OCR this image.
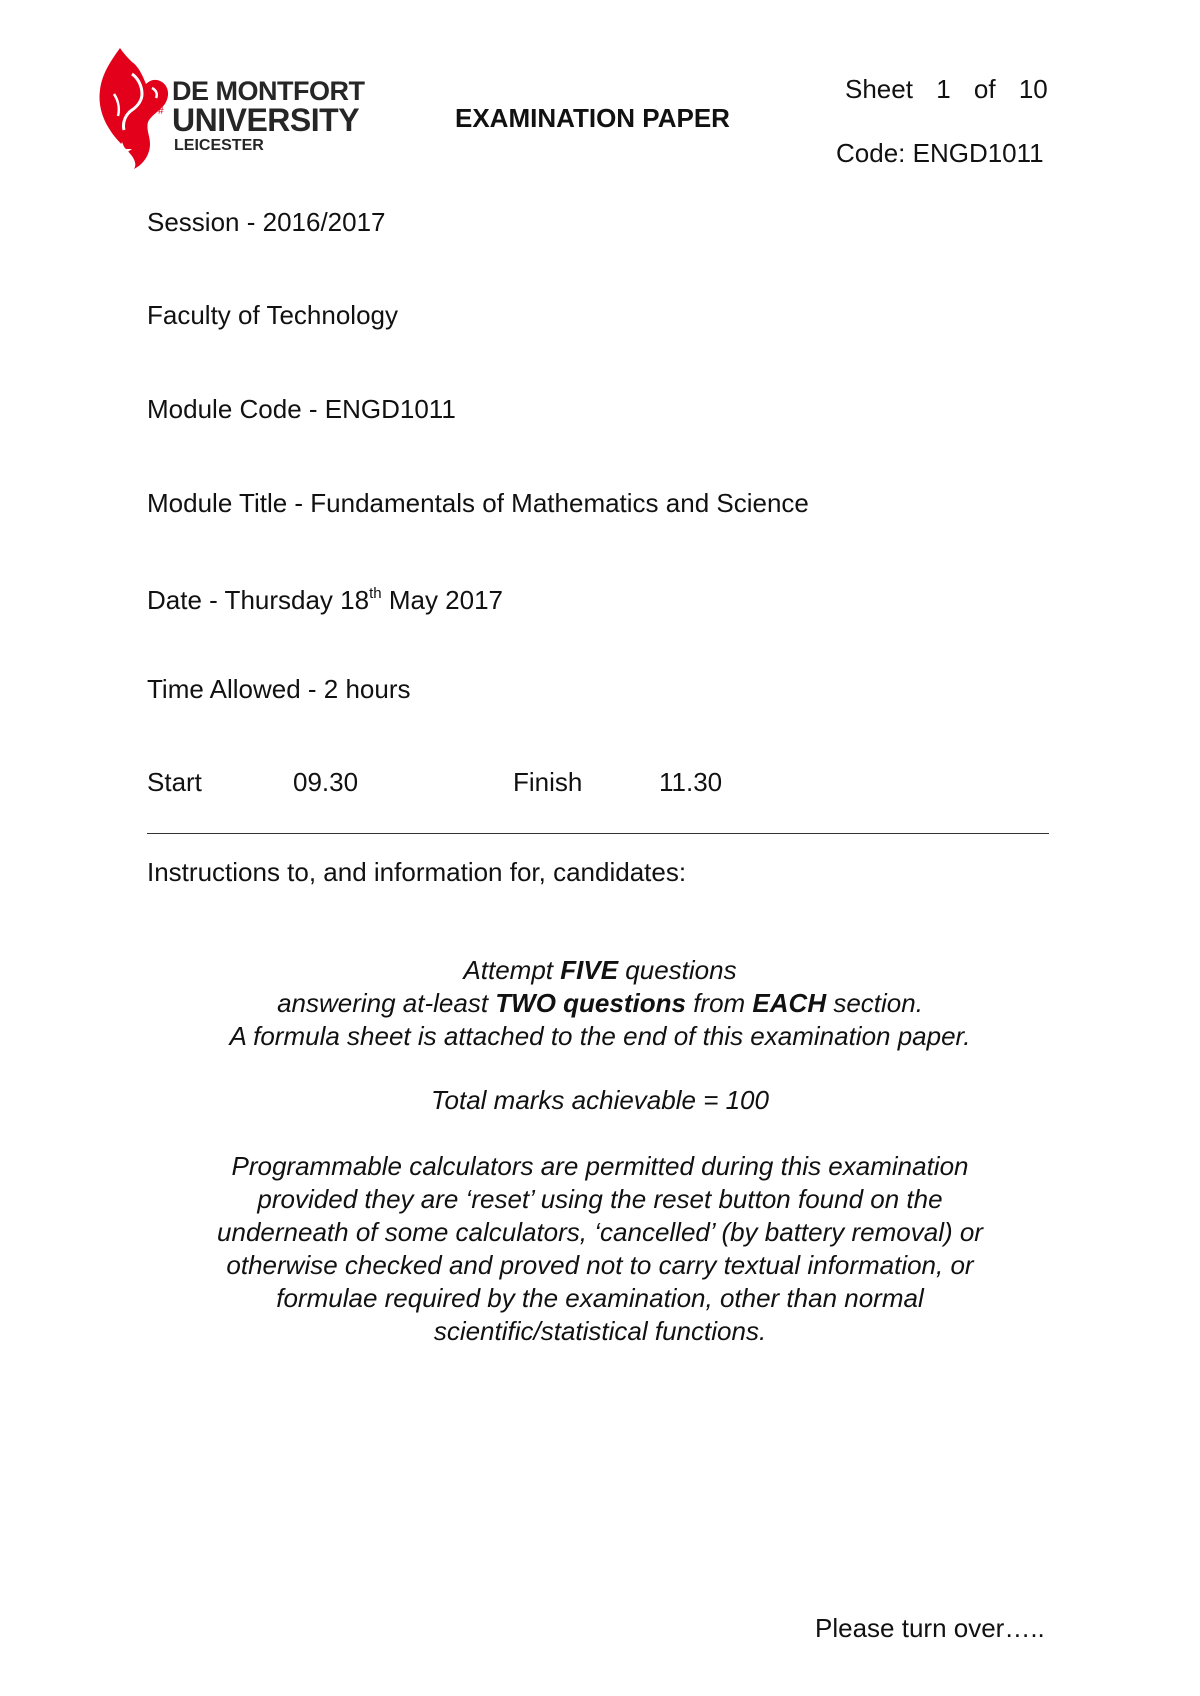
#
DE MONTFORT
UNIVERSITY
LEICESTER
EXAMINATION PAPER
Sheet 1 of 10
Code: ENGD1011
Session - 2016/2017
Faculty of Technology
Module Code - ENGD1011
Module Title - Fundamentals of Mathematics and Science
Date - Thursday 18th May 2017
Time Allowed - 2 hours
Start	09.30	Finish	11.30
Instructions to, and information for, candidates:

Attempt FIVE questions

answering at-least TWO questions from EACH section.

A formula sheet is attached to the end of this examination paper.

Total marks achievable = 100

Programmable calculators are permitted during this examination

provided they are ‘reset’ using the reset button found on the

underneath of some calculators, ‘cancelled’ (by battery removal) or

otherwise checked and proved not to carry textual information, or

formulae required by the examination, other than normal

scientific/statistical functions.

Please turn over…..
